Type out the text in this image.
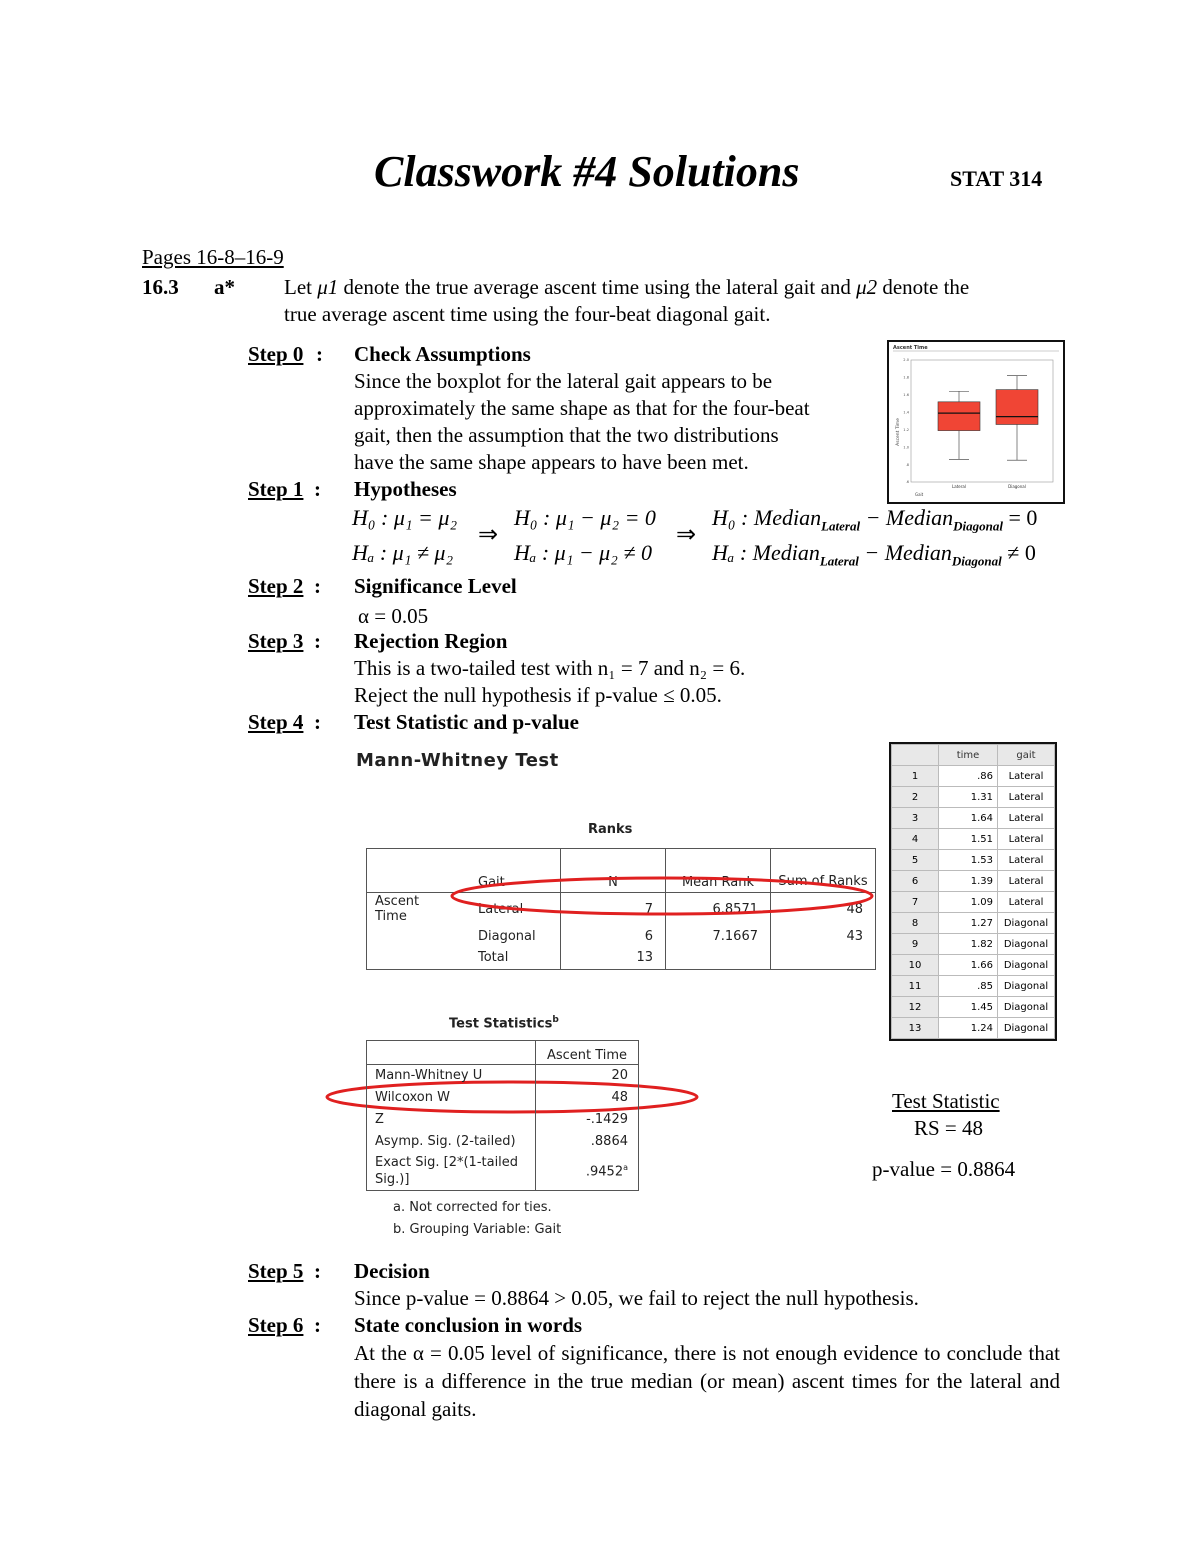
Classwork #4 Solutions	STAT 314
Pages 16-8–16-9
16.3 a* Let μ1 denote the true average ascent time using the lateral gait and μ2 denote the
true average ascent time using the four-beat diagonal gait.
Step 0 : Check Assumptions
Since the boxplot for the lateral gait appears to be
approximately the same shape as that for the four-beat
gait, then the assumption that the two distributions
have the same shape appears to have been met.
Ascent Time
Ascent Time
Gait
2.0
1.8
1.6
1.4
1.2
1.0
.8
.6
Lateral	Diagonal
Step 1 : Hypotheses
H₀ : μ₁ = μ₂
Hₐ : μ₁ ≠ μ₂
⇒
H₀ : μ₁ − μ₂ = 0
Hₐ : μ₁ − μ₂ ≠ 0
⇒
H₀ : Median$_{Lateral}$ − Median$_{Diagonal}$ = 0
Hₐ : Median$_{Lateral}$ − Median$_{Diagonal}$ ≠ 0
Step 2 : Significance Level
α = 0.05
Step 3 : Rejection Region
This is a two-tailed test with n₁ = 7 and n₂ = 6.
Reject the null hypothesis if p-value ≤ 0.05.
Step 4 : Test Statistic and p-value
Mann-Whitney Test
Ranks
	Gait	N	Mean Rank	Sum of Ranks
Ascent Time	Lateral	7	6.8571	48
	Diagonal	6	7.1667	43
	Total	13		
Test Statistics$^b$
	Ascent Time
Mann-Whitney U	20
Wilcoxon W	48
Z	-.1429
Asymp. Sig. (2-tailed)	.8864
Exact Sig. [2*(1-tailed Sig.)]	.9452$^a$
a. Not corrected for ties.
b. Grouping Variable: Gait
	time	gait
1	.86	Lateral
2	1.31	Lateral
3	1.64	Lateral
4	1.51	Lateral
5	1.53	Lateral
6	1.39	Lateral
7	1.09	Lateral
8	1.27	Diagonal
9	1.82	Diagonal
10	1.66	Diagonal
11	.85	Diagonal
12	1.45	Diagonal
13	1.24	Diagonal
Test Statistic
RS = 48
p-value = 0.8864
Step 5 : Decision
Since p-value = 0.8864 > 0.05, we fail to reject the null hypothesis.
Step 6 : State conclusion in words
At the α = 0.05 level of significance, there is not enough evidence to conclude that there is a difference in the true median (or mean) ascent times for the lateral and diagonal gaits.
